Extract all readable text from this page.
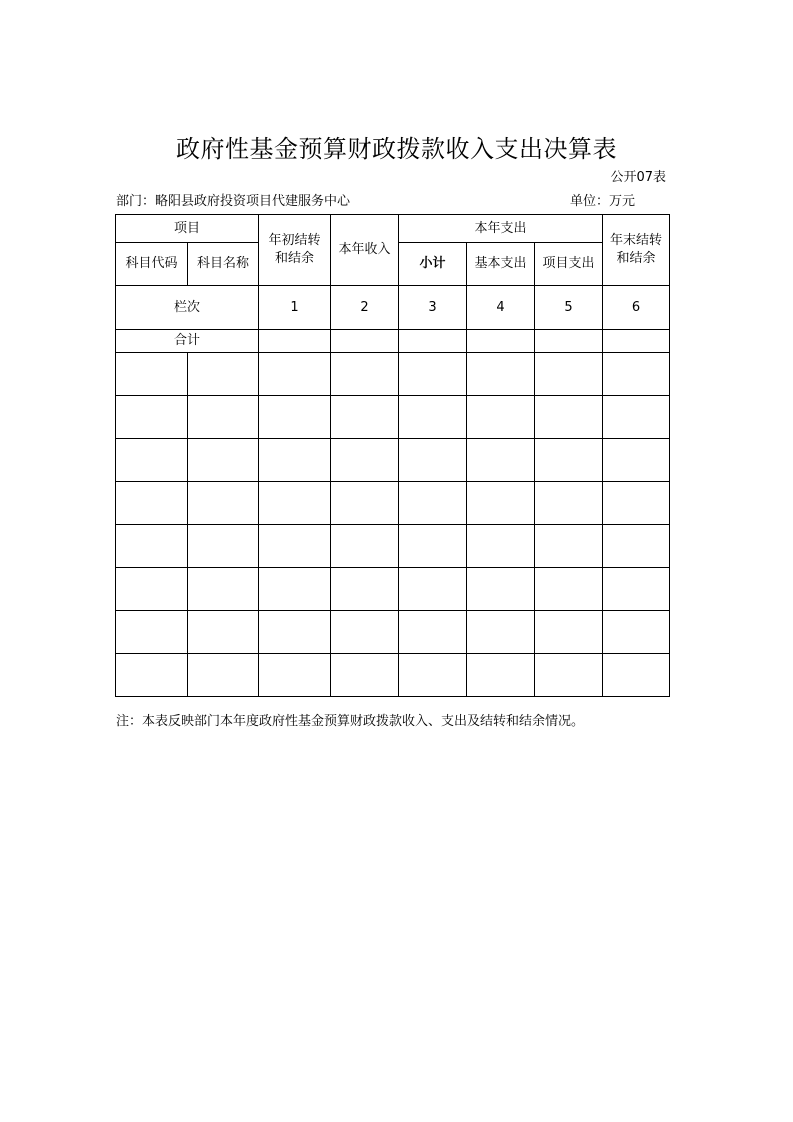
政府性基金预算财政拨款收入支出决算表
公开07表
部门：略阳县政府投资项目代建服务中心	单位：万元
项目		年初结转和结余	本年收入	本年支出			年末结转和结余

科目代码	科目名称			小计	基本支出	项目支出	
栏次		1	2	3	4	5	6
合计							

注：本表反映部门本年度政府性基金预算财政拨款收入、支出及结转和结余情况。
